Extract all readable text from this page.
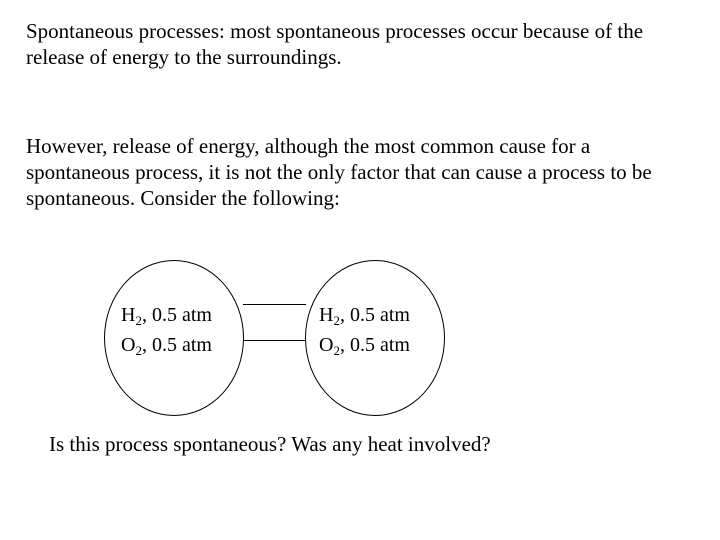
Spontaneous processes: most spontaneous processes occur because of the release of energy to the surroundings.

However, release of energy, although the most common cause for a spontaneous process, it is not the only factor that can cause a process to be spontaneous. Consider the following:

$H_2$, 0.5 atm
$O_2$, 0.5 atm
$H_2$, 0.5 atm
$O_2$, 0.5 atm

Is this process spontaneous? Was any heat involved?
